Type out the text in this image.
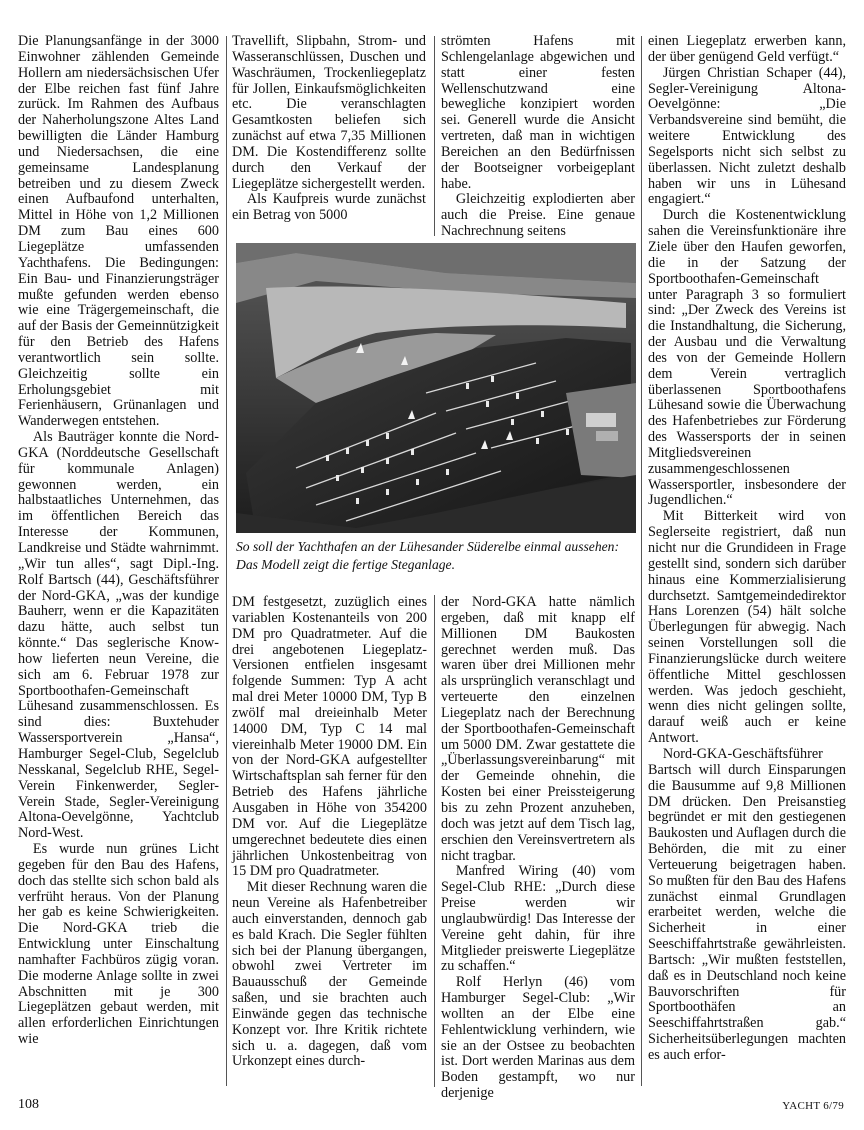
Die Planungsanfänge in der 3000 Einwohner zählenden Gemeinde Hollern am niedersächsischen Ufer der Elbe reichen fast fünf Jahre zurück. Im Rahmen des Aufbaus der Naherholungszone Altes Land bewilligten die Länder Hamburg und Niedersachsen, die eine gemeinsame Landesplanung betreiben und zu diesem Zweck einen Aufbaufond unterhalten, Mittel in Höhe von 1,2 Millionen DM zum Bau eines 600 Liegeplätze umfassenden Yachthafens. Die Bedingungen: Ein Bau- und Finanzierungsträger mußte gefunden werden ebenso wie eine Trägergemeinschaft, die auf der Basis der Gemeinnützigkeit für den Betrieb des Hafens verantwortlich sein sollte. Gleichzeitig sollte ein Erholungsgebiet mit Ferienhäusern, Grünanlagen und Wanderwegen entstehen.

Als Bauträger konnte die Nord-GKA (Norddeutsche Gesellschaft für kommunale Anlagen) gewonnen werden, ein halbstaatliches Unternehmen, das im öffentlichen Bereich das Interesse der Kommunen, Landkreise und Städte wahrnimmt. „Wir tun alles“, sagt Dipl.-Ing. Rolf Bartsch (44), Geschäftsführer der Nord-GKA, „was der kundige Bauherr, wenn er die Kapazitäten dazu hätte, auch selbst tun könnte.“ Das seglerische Know-how lieferten neun Vereine, die sich am 6. Februar 1978 zur Sportboothafen-Gemeinschaft Lühesand zusammenschlossen. Es sind dies: Buxtehuder Wassersportverein „Hansa“, Hamburger Segel-Club, Segelclub Nesskanal, Segelclub RHE, Segel-Verein Finkenwerder, Segler-Verein Stade, Segler-Vereinigung Altona-Oevelgönne, Yachtclub Nord-West.

Es wurde nun grünes Licht gegeben für den Bau des Hafens, doch das stellte sich schon bald als verfrüht heraus. Von der Planung her gab es keine Schwierigkeiten. Die Nord-GKA trieb die Entwicklung unter Einschaltung namhafter Fachbüros zügig voran. Die moderne Anlage sollte in zwei Abschnitten mit je 300 Liegeplätzen gebaut werden, mit allen erforderlichen Einrichtungen wie

Travellift, Slipbahn, Strom- und Wasseranschlüssen, Duschen und Waschräumen, Trockenliegeplatz für Jollen, Einkaufsmöglichkeiten etc. Die veranschlagten Gesamtkosten beliefen sich zunächst auf etwa 7,35 Millionen DM. Die Kostendifferenz sollte durch den Verkauf der Liegeplätze sichergestellt werden.

Als Kaufpreis wurde zunächst ein Betrag von 5000

strömten Hafens mit Schlengelanlage abgewichen und statt einer festen Wellenschutzwand eine bewegliche konzipiert worden sei. Generell wurde die Ansicht vertreten, daß man in wichtigen Bereichen an den Bedürfnissen der Bootseigner vorbeigeplant habe.

Gleichzeitig explodierten aber auch die Preise. Eine genaue Nachrechnung seitens

So soll der Yachthafen an der Lühesander Süderelbe einmal aussehen: Das Modell zeigt die fertige Steganlage.

DM festgesetzt, zuzüglich eines variablen Kostenanteils von 200 DM pro Quadratmeter. Auf die drei angebotenen Liegeplatz-Versionen entfielen insgesamt folgende Summen: Typ A acht mal drei Meter 10000 DM, Typ B zwölf mal dreieinhalb Meter 14000 DM, Typ C 14 mal viereinhalb Meter 19000 DM. Ein von der Nord-GKA aufgestellter Wirtschaftsplan sah ferner für den Betrieb des Hafens jährliche Ausgaben in Höhe von 354200 DM vor. Auf die Liegeplätze umgerechnet bedeutete dies einen jährlichen Unkostenbeitrag von 15 DM pro Quadratmeter.

Mit dieser Rechnung waren die neun Vereine als Hafenbetreiber auch einverstanden, dennoch gab es bald Krach. Die Segler fühlten sich bei der Planung übergangen, obwohl zwei Vertreter im Bauausschuß der Gemeinde saßen, und sie brachten auch Einwände gegen das technische Konzept vor. Ihre Kritik richtete sich u. a. dagegen, daß vom Urkonzept eines durch-

der Nord-GKA hatte nämlich ergeben, daß mit knapp elf Millionen DM Baukosten gerechnet werden muß. Das waren über drei Millionen mehr als ursprünglich veranschlagt und verteuerte den einzelnen Liegeplatz nach der Berechnung der Sportboothafen-Gemeinschaft um 5000 DM. Zwar gestattete die „Überlassungsvereinbarung“ mit der Gemeinde ohnehin, die Kosten bei einer Preissteigerung bis zu zehn Prozent anzuheben, doch was jetzt auf dem Tisch lag, erschien den Vereinsvertretern als nicht tragbar.

Manfred Wiring (40) vom Segel-Club RHE: „Durch diese Preise werden wir unglaubwürdig! Das Interesse der Vereine geht dahin, für ihre Mitglieder preiswerte Liegeplätze zu schaffen.“

Rolf Herlyn (46) vom Hamburger Segel-Club: „Wir wollten an der Elbe eine Fehlentwicklung verhindern, wie sie an der Ostsee zu beobachten ist. Dort werden Marinas aus dem Boden gestampft, wo nur derjenige

einen Liegeplatz erwerben kann, der über genügend Geld verfügt.“

Jürgen Christian Schaper (44), Segler-Vereinigung Altona-Oevelgönne: „Die Verbandsvereine sind bemüht, die weitere Entwicklung des Segelsports nicht sich selbst zu überlassen. Nicht zuletzt deshalb haben wir uns in Lühesand engagiert.“

Durch die Kostenentwicklung sahen die Vereinsfunktionäre ihre Ziele über den Haufen geworfen, die in der Satzung der Sportboothafen-Gemeinschaft unter Paragraph 3 so formuliert sind: „Der Zweck des Vereins ist die Instandhaltung, die Sicherung, der Ausbau und die Verwaltung des von der Gemeinde Hollern dem Verein vertraglich überlassenen Sportboothafens Lühesand sowie die Überwachung des Hafenbetriebes zur Förderung des Wassersports der in seinen Mitgliedsvereinen zusammengeschlossenen Wassersportler, insbesondere der Jugendlichen.“

Mit Bitterkeit wird von Seglerseite registriert, daß nun nicht nur die Grundideen in Frage gestellt sind, sondern sich darüber hinaus eine Kommerzialisierung durchsetzt. Samtgemeindedirektor Hans Lorenzen (54) hält solche Überlegungen für abwegig. Nach seinen Vorstellungen soll die Finanzierungslücke durch weitere öffentliche Mittel geschlossen werden. Was jedoch geschieht, wenn dies nicht gelingen sollte, darauf weiß auch er keine Antwort.

Nord-GKA-Geschäftsführer Bartsch will durch Einsparungen die Bausumme auf 9,8 Millionen DM drücken. Den Preisanstieg begründet er mit den gestiegenen Baukosten und Auflagen durch die Behörden, die mit zu einer Verteuerung beigetragen haben. So mußten für den Bau des Hafens zunächst einmal Grundlagen erarbeitet werden, welche die Sicherheit in einer Seeschiffahrtstraße gewährleisten. Bartsch: „Wir mußten feststellen, daß es in Deutschland noch keine Bauvorschriften für Sportboothäfen an Seeschiffahrtstraßen gab.“ Sicherheitsüberlegungen machten es auch erfor-

108	YACHT 6/79
